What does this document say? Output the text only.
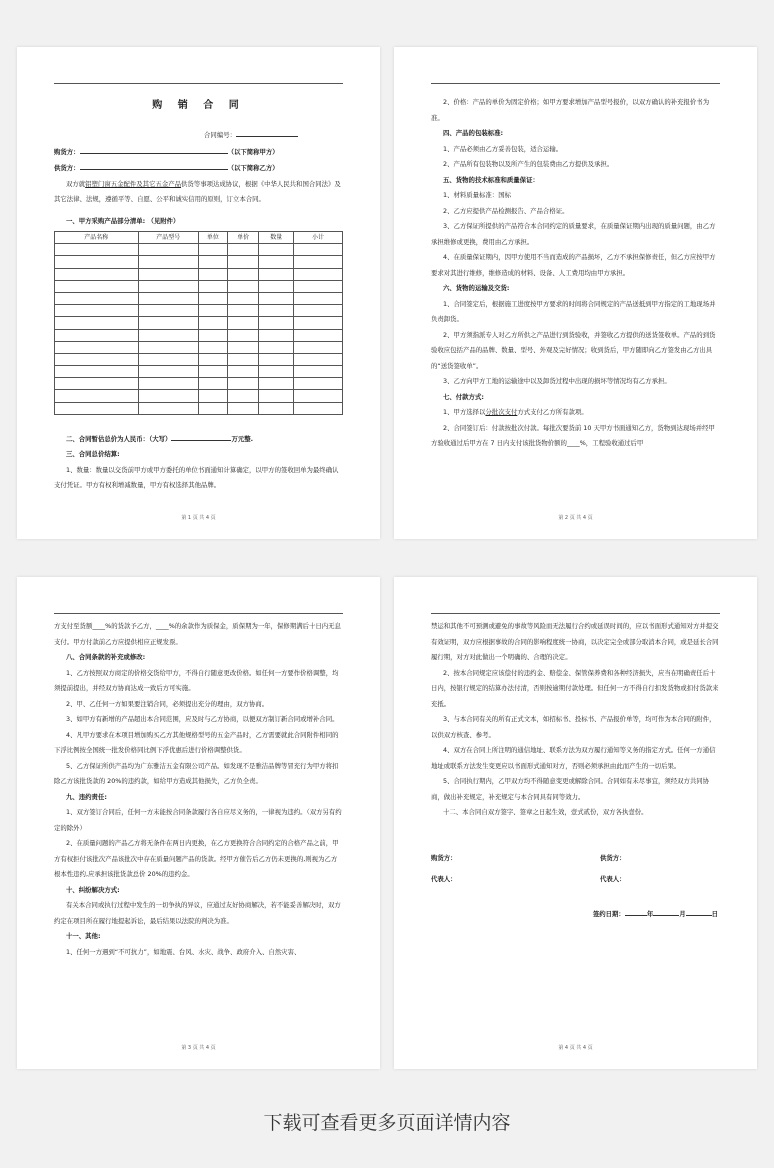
购 销 合 同

合同编号：

购货方：	（以下简称甲方）

供货方：	（以下简称乙方）

双方就铝塑门窗五金配件及其它五金产品供货等事项达成协议，根据《中华人民共和国合同法》及其它法律、法规，遵循平等、自愿、公平和诚实信用的原则，订立本合同。

一、甲方采购产品部分清单: （见附件）

产品名称	产品型号	单位	单价	数量	小计

二、合同暂估总价为人民币：（大写）	万元整.

三、合同总价结算:

1、数量：数量以交货前甲方或甲方委托的单位书面通知计算确定，以甲方的签收回单为最终确认支付凭证。甲方有权利增减数量，甲方有权选择其他品牌。

第 1 页 共 4 页

2、价格：产品的单价为固定价格；如甲方要求增加产品型号报价，以双方确认的补充报价书为准。

四、产品的包装标准:

1、产品必须由乙方妥善包装，适合运输。

2、产品所有包装物以及所产生的包装费由乙方提供及承担。

五、货物的技术标准和质量保证：

1、材料质量标准：国标

2、乙方应提供产品检测报告、产品合格证。

3、乙方保证所提供的产品符合本合同约定的质量要求，在质量保证期内出现的质量问题，由乙方承担维修或更换，费用由乙方承担。

4、在质量保证期内，因甲方使用不当而造成的产品损坏，乙方不承担保修责任，但乙方应按甲方要求对其进行维修，维修造成的材料、设备、人工费用均由甲方承担。

六、货物的运输及交货:

1、合同签定后，根据施工进度按甲方要求的时间将合同规定的产品送抵到甲方指定的工地现场并负责卸货。

2、甲方须指派专人对乙方所供之产品进行到货验收，并签收乙方提供的送货签收单。产品的到货验收应包括产品的品牌、数量、型号、外观及完好情况；收到货后，甲方随即向乙方签发由乙方出具的“送货签收单”。

3、乙方向甲方工地的运输途中以及卸货过程中出现的损坏等情况均有乙方承担。

七、付款方式:

1、甲方选择以分批次支付方式支付乙方所有款项。

2、合同签订后：付款按批次付款。每批次要货前 10 天甲方书面通知乙方，货物到达现场并经甲方验收通过后甲方在 7 日内支付该批货物价额的____%，工程验收通过后甲

第 2 页 共 4 页

方支付至货额____%的货款予乙方，____%的余款作为质保金，质保期为一年，保修期满后十日内无息支付。甲方付款前乙方应提供相应正规发票。

八、合同条款的补充或修改:

1、乙方按照双方商定的价格交货给甲方，不得自行随意更改价格。如任何一方要作价格调整，均须提前提出，并经双方协商达成一致后方可实施。

2、甲、乙任何一方如果要注销合同，必须提出充分的理由，双方协商。

3、如甲方有新增的产品超出本合同范围，应及时与乙方协商，以便双方制订新合同或增补合同。

4、凡甲方要求在本项目增加购买乙方其他规格型号的五金产品时，乙方需要就此合同附件相同的下浮比例按全国统一批发价格同比例下浮优惠后进行价格调整供货。

5、乙方保证所供产品均为广东雅洁五金有限公司产品。如发现不是雅洁品牌等冒充行为甲方将扣除乙方该批货款的 20%的违约款，如给甲方造成其他损失，乙方负全责。

九、违约责任:

1、双方签订合同后，任何一方未能按合同条款履行各自应尽义务的，一律视为违约。（双方另有约定的除外）

2、在质量问题的产品乙方将无条件在两日内更换，在乙方更换符合合同约定的合格产品之前，甲方有权拒付该批次产品该批次中存在质量问题产品的货款。经甲方催告后乙方仍未更换的,则视为乙方根本性违约,应承担该批货款总价 20%的违约金。

十、纠纷解决方式:

有关本合同或执行过程中发生的一切争执的异议，应通过友好协商解决，若不能妥善解决时，双方约定在项目所在履行地提起诉讼，最后结果以法院的判决为准。

十一、其他:

1、任何一方遇到“不可抗力”，如地震、台风、水灾、战争、政府介入、自然灾害、

第 3 页 共 4 页

禁运和其他不可预测或避免的事故等风险而无法履行合约或延误时间的，应以书面形式通知对方并提交有效证明，双方应根据事故的合同的影响程度统一协商，以决定完全或部分取消本合同，或是延长合同履行期，对方对此做出一个明确的、合理的决定。

2、按本合同规定应该偿付的违约金、赔偿金、保管保养费和各种经济损失，应当在明确责任后十日内，按银行规定的结算办法付清，否则按逾期付款处理。但任何一方不得自行扣发货物或扣付货款来充抵。

3、与本合同有关的所有正式文本，如招标书、投标书、产品报价单等，均可作为本合同的附件，以供双方核查、参考。

4、双方在合同上所注明的通信地址、联系方法为双方履行通知等义务的指定方式。任何一方通信地址或联系方法发生变更应以书面形式通知对方，否则必须承担由此而产生的一切后果。

5、合同执行期内，乙甲双方均不得随意变更或解除合同。合同如有未尽事宜，须经双方共同协商，做出补充规定，补充规定与本合同具有同等效力。

十二、本合同自双方签字、签章之日起生效，壹式贰份，双方各执壹份。

购货方：	供货方：
代表人：	代表人：

签约日期：	年	月	日

第 4 页 共 4 页
下载可查看更多页面详情内容
